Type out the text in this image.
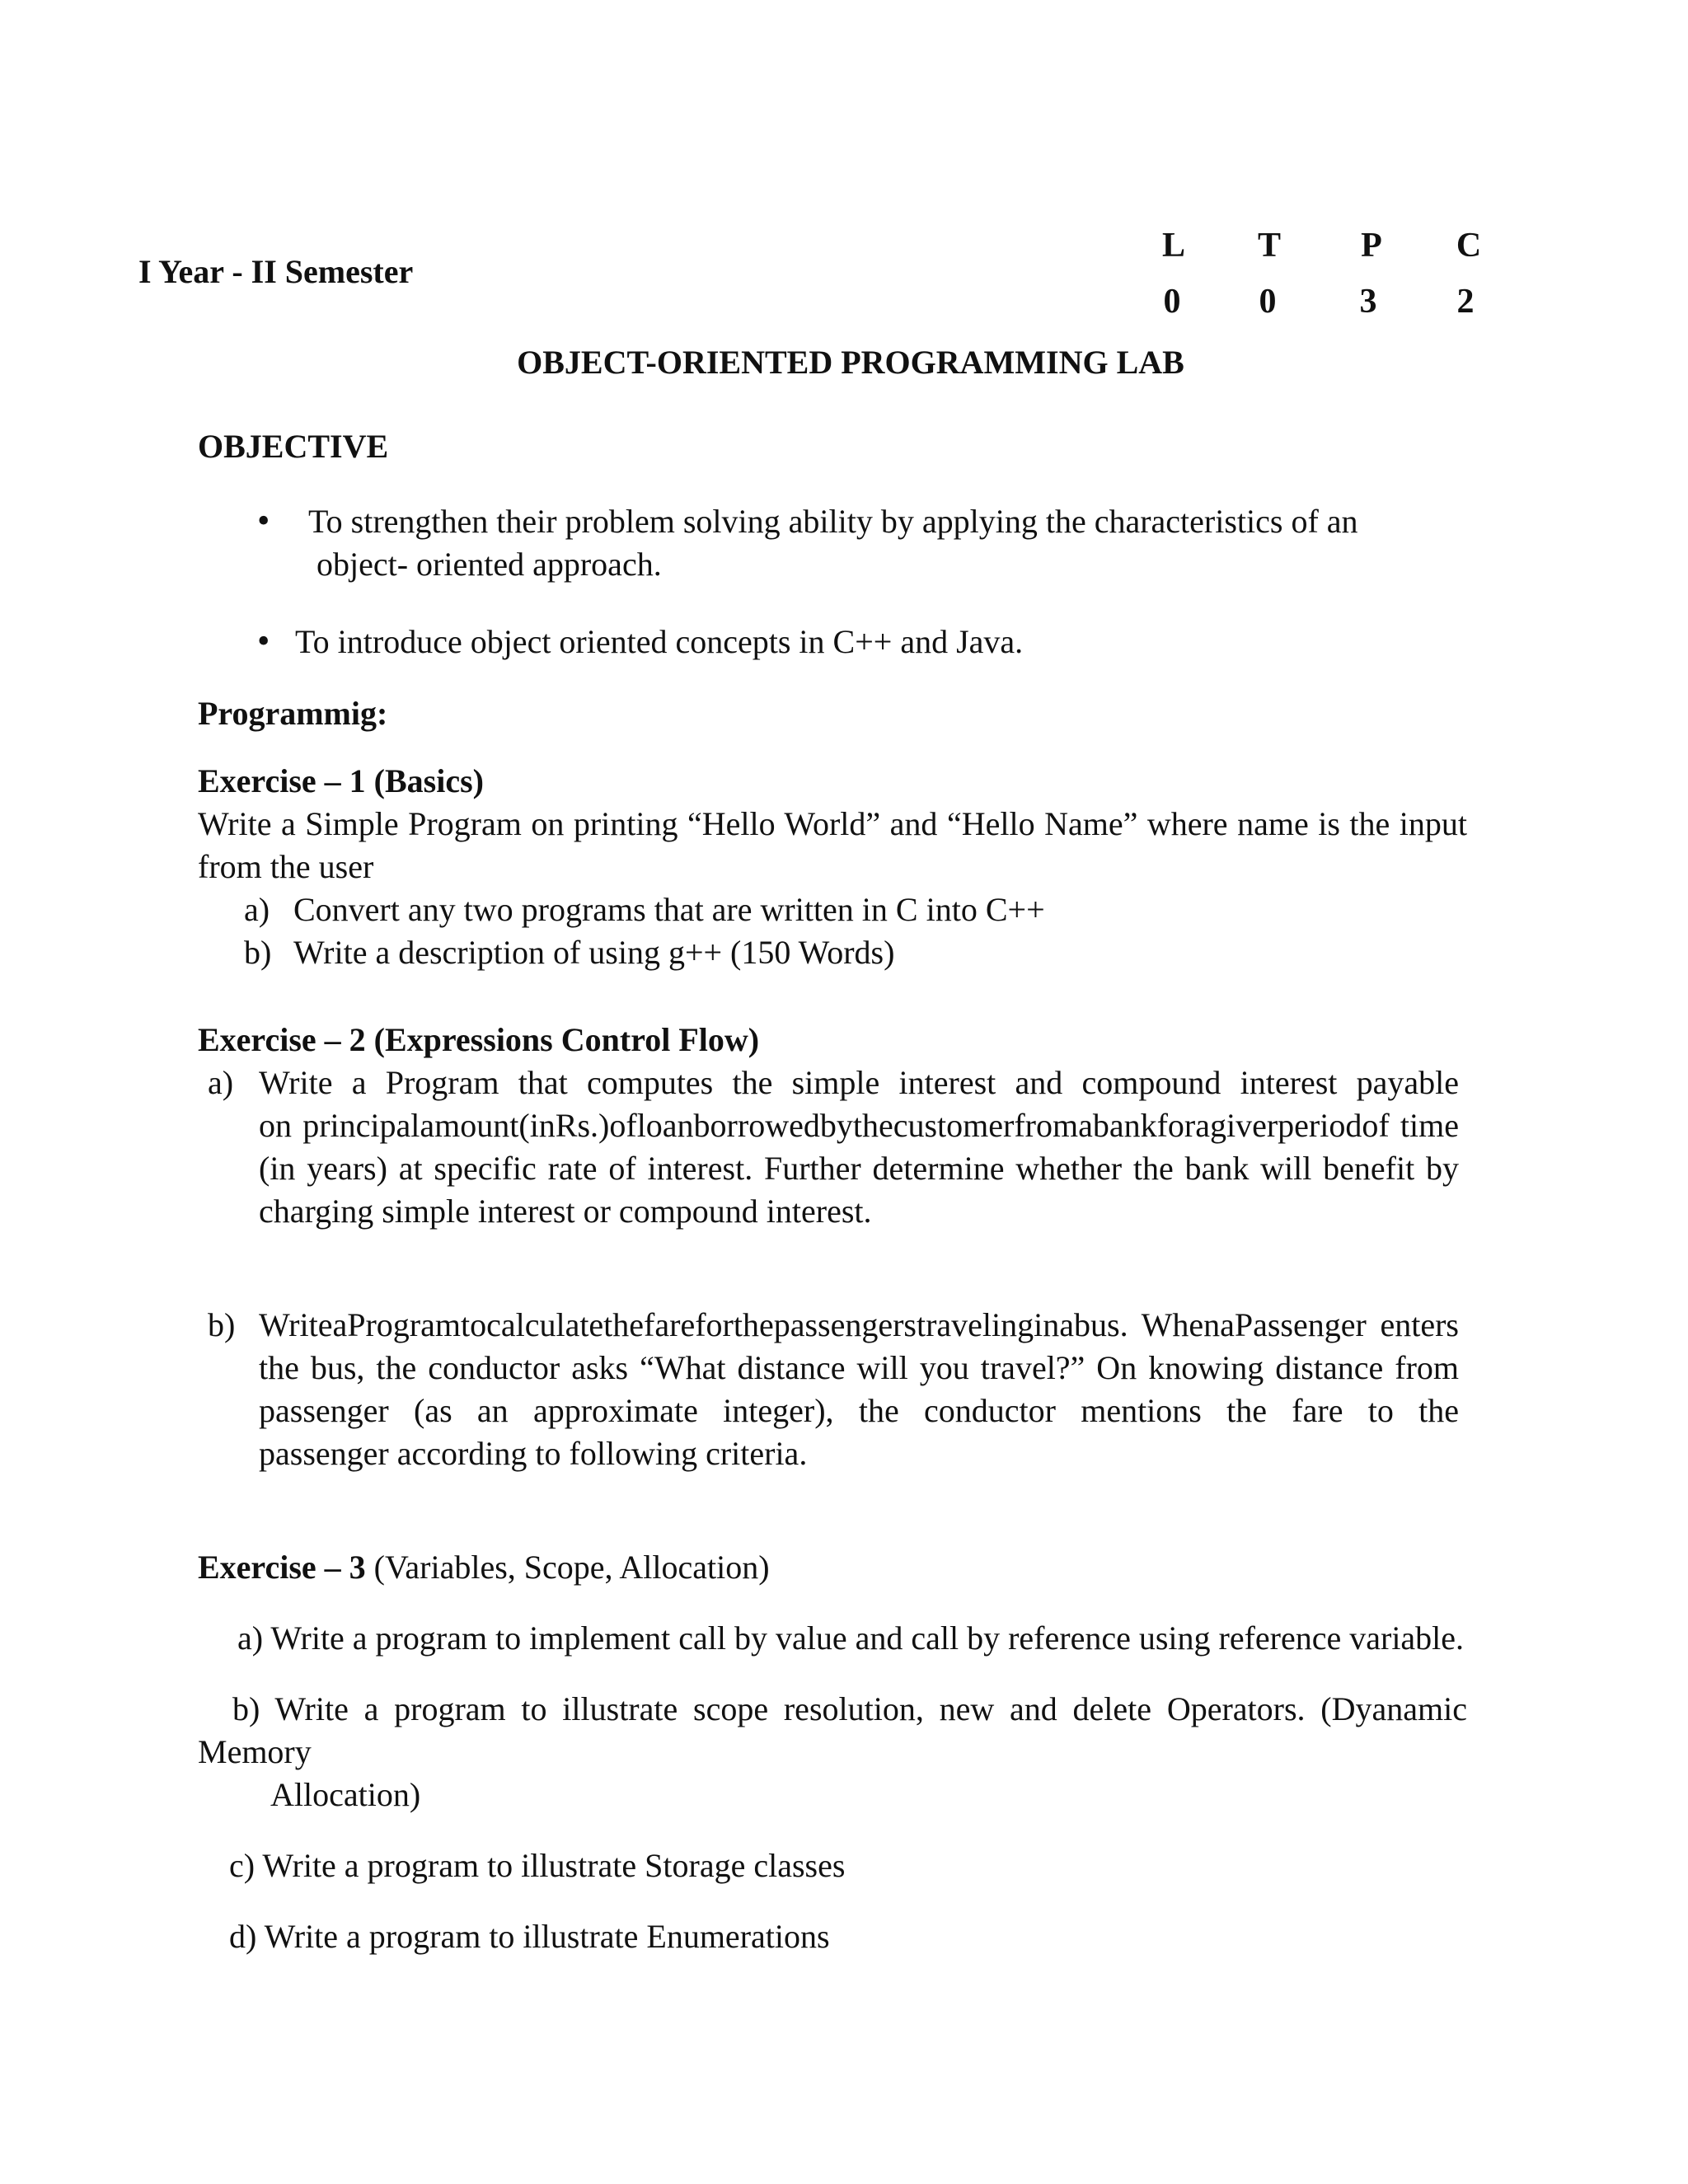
I Year - II Semester
L	T	P	C
0	0	3	2
OBJECT-ORIENTED PROGRAMMING LAB
OBJECTIVE
• To strengthen their problem solving ability by applying the characteristics of an
object- oriented approach.
• To introduce object oriented concepts in C++ and Java.
Programmig:
Exercise – 1 (Basics)
Write a Simple Program on printing “Hello World” and “Hello Name” where name is the input
from the user
a) Convert any two programs that are written in C into C++
b) Write a description of using g++ (150 Words)
Exercise – 2 (Expressions Control Flow)
a) Write a Program that computes the simple interest and compound interest payable
on principalamount(inRs.)ofloanborrowedbythecustomerfromabankforagiverperiodof time
(in years) at specific rate of interest. Further determine whether the bank will benefit by
charging simple interest or compound interest.
b) WriteaProgramtocalculatethefareforthepassengerstravelinginabus. WhenaPassenger enters
the bus, the conductor asks “What distance will you travel?” On knowing distance from
passenger (as an approximate integer), the conductor mentions the fare to the
passenger according to following criteria.
Exercise – 3 (Variables, Scope, Allocation)
a) Write a program to implement call by value and call by reference using reference variable.
b) Write a program to illustrate scope resolution, new and delete Operators. (Dyanamic
Memory
Allocation)
c) Write a program to illustrate Storage classes
d) Write a program to illustrate Enumerations
